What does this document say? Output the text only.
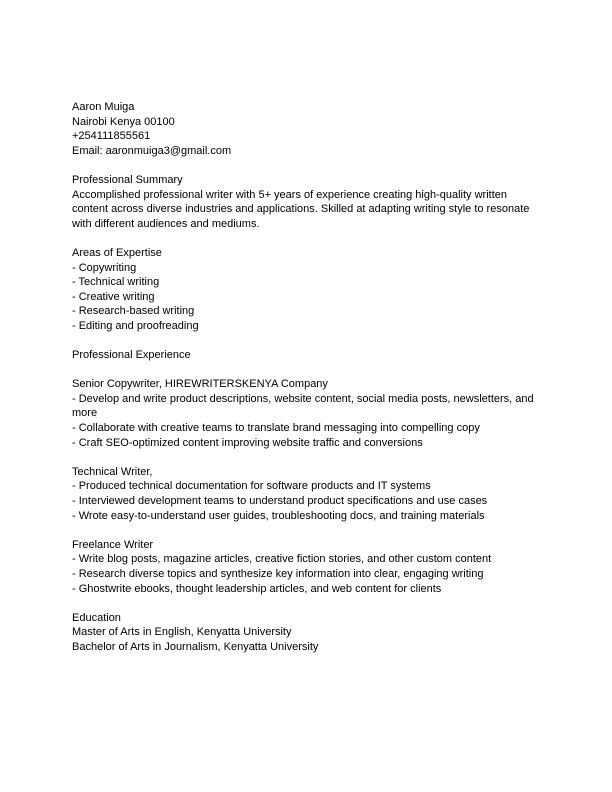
Aaron Muiga
Nairobi Kenya 00100
+254111855561
Email: aaronmuiga3@gmail.com
Professional Summary
Accomplished professional writer with 5+ years of experience creating high-quality written content across diverse industries and applications. Skilled at adapting writing style to resonate with different audiences and mediums.
Areas of Expertise
- Copywriting
- Technical writing
- Creative writing
- Research-based writing
- Editing and proofreading
Professional Experience
Senior Copywriter, HIREWRITERSKENYA Company
- Develop and write product descriptions, website content, social media posts, newsletters, and more
- Collaborate with creative teams to translate brand messaging into compelling copy
- Craft SEO-optimized content improving website traffic and conversions
Technical Writer,
- Produced technical documentation for software products and IT systems
- Interviewed development teams to understand product specifications and use cases
- Wrote easy-to-understand user guides, troubleshooting docs, and training materials
Freelance Writer
- Write blog posts, magazine articles, creative fiction stories, and other custom content
- Research diverse topics and synthesize key information into clear, engaging writing
- Ghostwrite ebooks, thought leadership articles, and web content for clients
Education
Master of Arts in English, Kenyatta University
Bachelor of Arts in Journalism, Kenyatta University
